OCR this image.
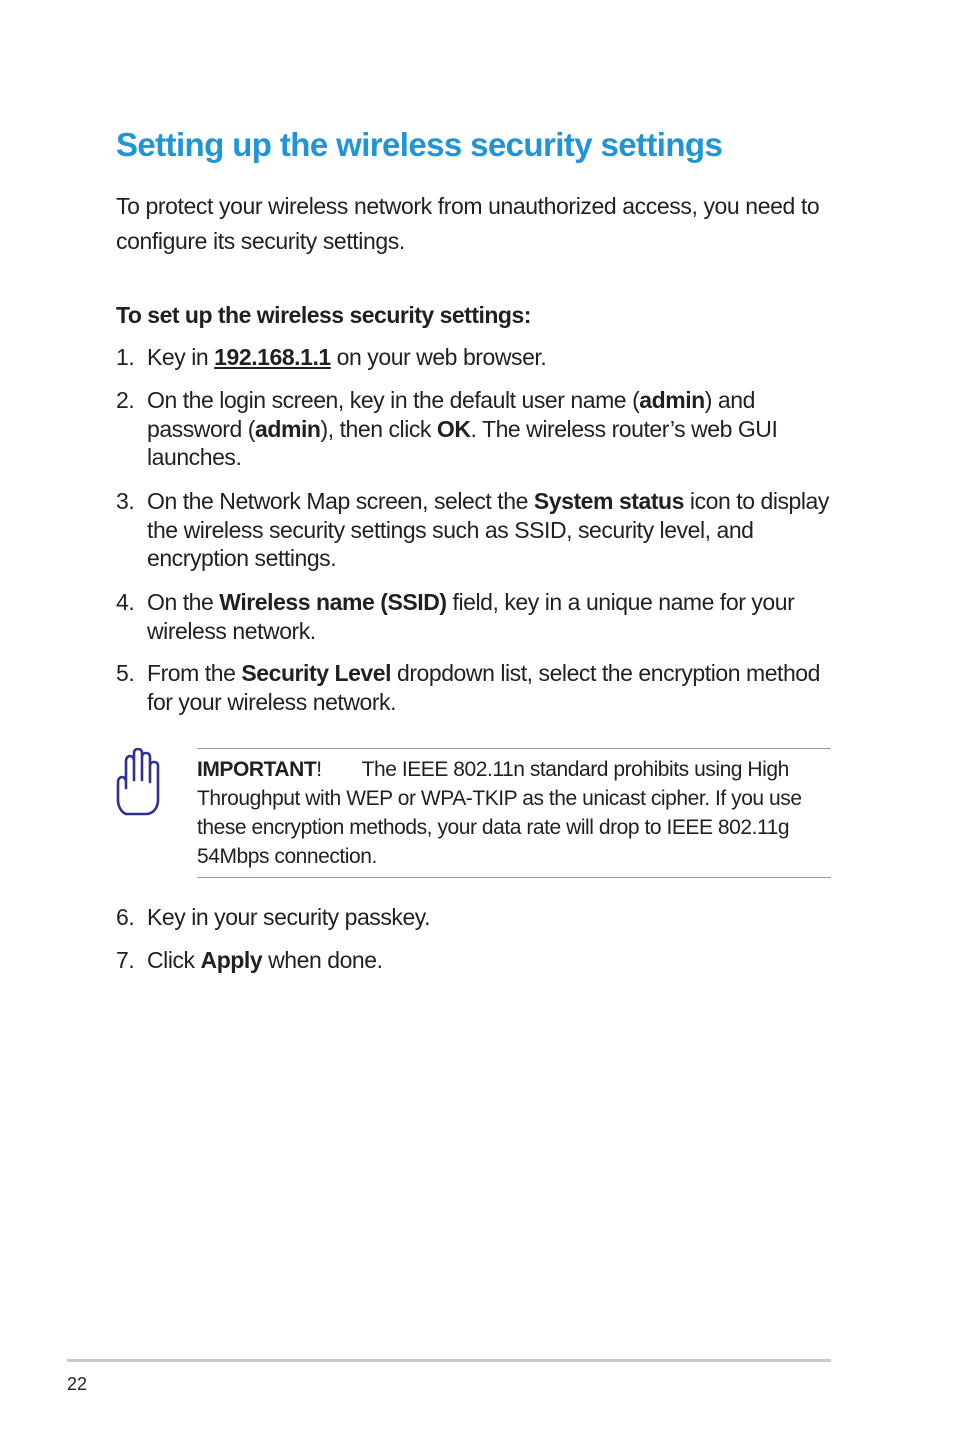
Setting up the wireless security settings

To protect your wireless network from unauthorized access, you need to configure its security settings.

To set up the wireless security settings:

1. Key in 192.168.1.1 on your web browser.
2. On the login screen, key in the default user name (admin) and password (admin), then click OK. The wireless router’s web GUI launches.
3. On the Network Map screen, select the System status icon to display the wireless security settings such as SSID, security level, and encryption settings.
4. On the Wireless name (SSID) field, key in a unique name for your wireless network.
5. From the Security Level dropdown list, select the encryption method for your wireless network.

IMPORTANT! The IEEE 802.11n standard prohibits using High Throughput with WEP or WPA-TKIP as the unicast cipher. If you use these encryption methods, your data rate will drop to IEEE 802.11g 54Mbps connection.

6. Key in your security passkey.
7. Click Apply when done.
22
